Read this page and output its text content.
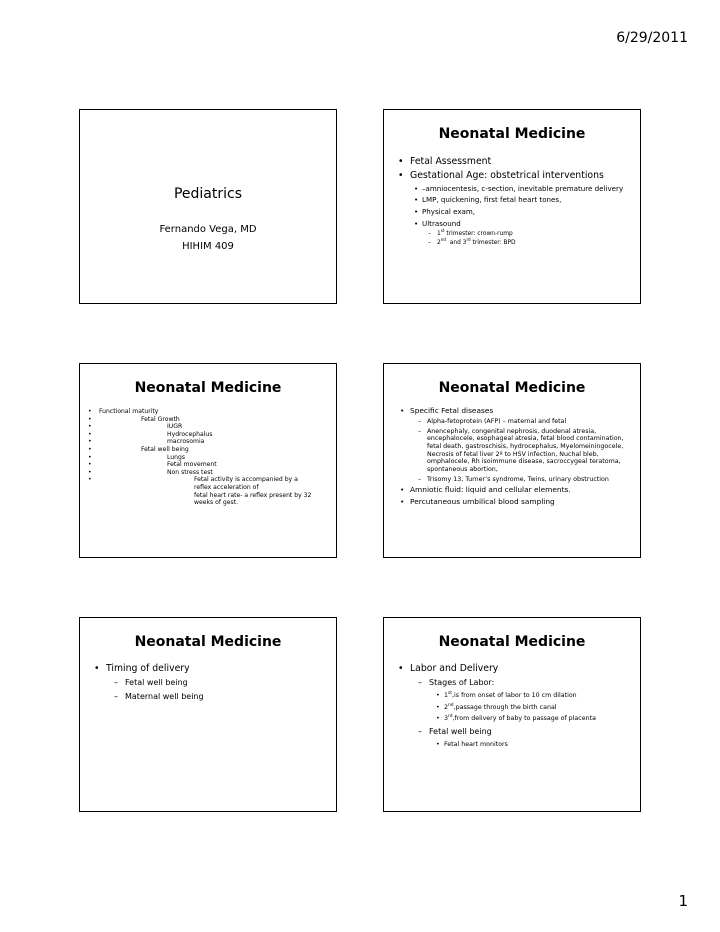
6/29/2011
Pediatrics
Fernando Vega, MD
HIHIM 409
Neonatal Medicine
• Fetal Assessment
• Gestational Age: obstetrical interventions
• –amniocentesis, c-section, inevitable premature delivery
• LMP, quickening, first fetal heart tones,
• Physical exam,
• Ultrasound
–	1st trimester: crown-rump
–	2nd  and 3rd trimester: BPD
Neonatal Medicine
•	Functional maturity
•	Fetal Growth
•	IUGR
•	Hydrocephalus
•	macrosomia
•	Fetal well being
•	Lungs
•	Fetal movement
•	Non stress test
•	Fetal activity is accompanied by a reflex acceleration of
fetal heart rate- a reflex present by 32 weeks of gest.
Neonatal Medicine
• Specific Fetal diseases
– Alpha-fetoprotein (AFP) – maternal and fetal
– Anencephaly, congenital nephrosis, duodenal atresia, encephalocele, esophageal atresia, fetal blood contamination, fetal death, gastroschisis, hydrocephalus, Myelomeiningocele, Necrosis of fetal liver 2º to HSV infection, Nuchal bleb, omphalocele, Rh isoimmune disease, sacroccygeal teratoma, spontaneous abortion,
– Trisomy 13, Turner’s syndrome, Twins, urinary obstruction
• Amniotic fluid: liquid and cellular elements.
• Percutaneous umbilical blood sampling
Neonatal Medicine
• Timing of delivery
– Fetal well being
– Maternal well being
Neonatal Medicine
• Labor and Delivery
– Stages of Labor:
• 1st,is from onset of labor to 10 cm dilation
• 2nd,passage through the birth canal
• 3rd,from delivery of baby to passage of placenta
– Fetal well being
• Fetal heart monitors
1
